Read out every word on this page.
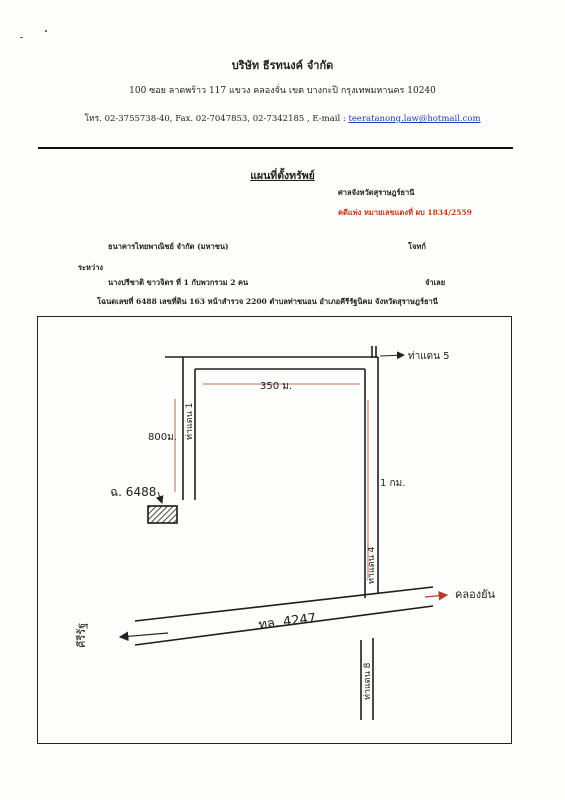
บริษัท ธีรทนงค์ จำกัด
100 ซอย ลาดพร้าว 117 แขวง คลองจั่น เขต บางกะปิ กรุงเทพมหานคร 10240
โทร. 02-3755738-40, Fax. 02-7047853, 02-7342185 , E-mail : teeratanong.law@hotmail.com
แผนที่ตั้งทรัพย์
ศาลจังหวัดสุราษฎร์ธานี
คดีแพ่ง หมายเลขแดงที่ ผบ 1834/2559
ธนาคารไทยพาณิชย์ จำกัด (มหาชน)	โจทก์
ระหว่าง
นางปรีชาติ ขาวจิตร ที่ 1 กับพวกรวม 2 คน	จำเลย
โฉนดเลขที่ 6488 เลขที่ดิน 163 หน้าสำรวจ 2200 ตำบลท่าชนอน อำเภอคีรีรัฐนิคม จังหวัดสุราษฎร์ธานี
ท่าแดน 5
350 ม.
ท่าแดน 1
800ม.
ฉ. 6488
1 กม.
ท่าแดน 4
ทล. 4247
คลองยัน
คีรีรัฐ
ท่าแดน 8
